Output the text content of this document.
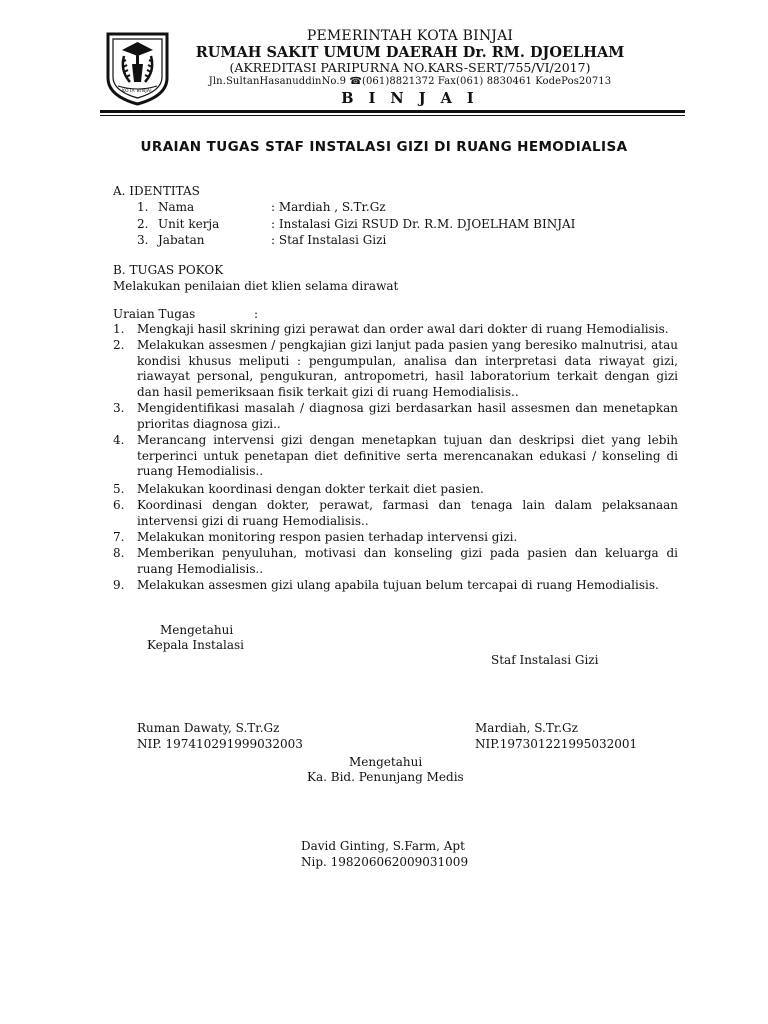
KOTA BINJAI
PEMERINTAH KOTA BINJAI
RUMAH SAKIT UMUM DAERAH Dr. RM. DJOELHAM
(AKREDITASI PARIPURNA NO.KARS-SERT/755/VI/2017)
Jln.SultanHasanuddinNo.9 ☎(061)8821372 Fax(061) 8830461 KodePos20713
B I N J A I
URAIAN TUGAS STAF INSTALASI GIZI DI RUANG HEMODIALISA
A. IDENTITAS
1. Nama	: Mardiah , S.Tr.Gz
2. Unit kerja	: Instalasi Gizi RSUD Dr. R.M. DJOELHAM BINJAI
3. Jabatan	: Staf Instalasi Gizi
B. TUGAS POKOK
Melakukan penilaian diet klien selama dirawat
Uraian Tugas	:
1. Mengkaji hasil skrining gizi perawat dan order awal dari dokter di ruang Hemodialisis.
2. Melakukan assesmen / pengkajian gizi lanjut pada pasien yang beresiko malnutrisi, atau kondisi khusus meliputi : pengumpulan, analisa dan interpretasi data riwayat gizi, riawayat personal, pengukuran, antropometri, hasil laboratorium terkait dengan gizi dan hasil pemeriksaan fisik terkait gizi di ruang Hemodialisis..
3. Mengidentifikasi masalah / diagnosa gizi berdasarkan hasil assesmen dan menetapkan prioritas diagnosa gizi..
4. Merancang intervensi gizi dengan menetapkan tujuan dan deskripsi diet yang lebih terperinci untuk penetapan diet definitive serta merencanakan edukasi / konseling di ruang Hemodialisis..
5. Melakukan koordinasi dengan dokter terkait diet pasien.
6. Koordinasi dengan dokter, perawat, farmasi dan tenaga lain dalam pelaksanaan intervensi gizi di ruang Hemodialisis..
7. Melakukan monitoring respon pasien terhadap intervensi gizi.
8. Memberikan penyuluhan, motivasi dan konseling gizi pada pasien dan keluarga di ruang Hemodialisis..
9. Melakukan assesmen gizi ulang apabila tujuan belum tercapai di ruang Hemodialisis.
Mengetahui
Kepala Instalasi
Staf Instalasi Gizi
Ruman Dawaty, S.Tr.Gz
NIP. 197410291999032003
Mardiah, S.Tr.Gz
NIP.197301221995032001
Mengetahui
Ka. Bid. Penunjang Medis
David Ginting, S.Farm, Apt
Nip. 198206062009031009
